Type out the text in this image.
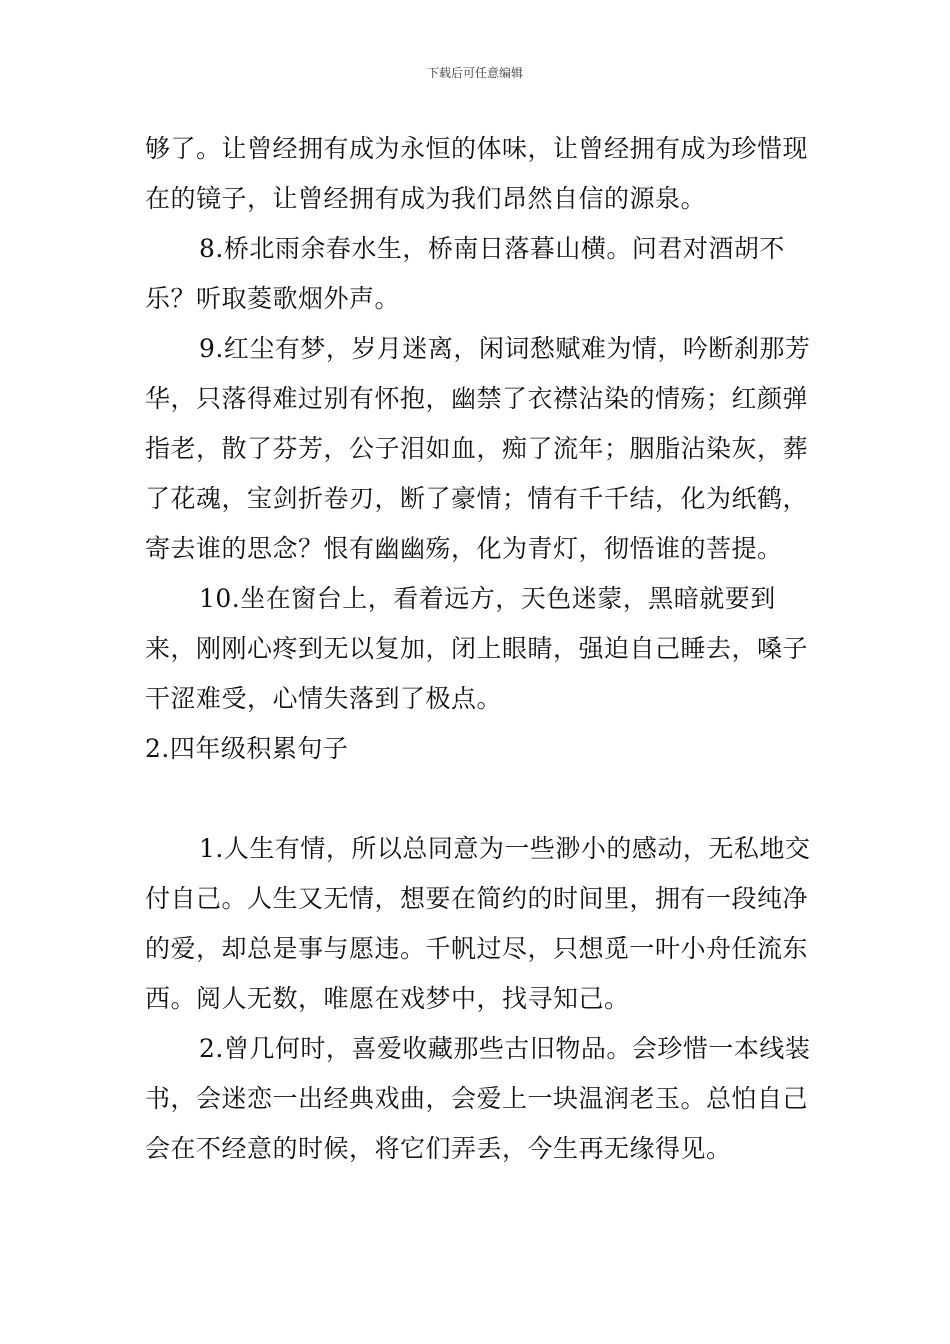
下载后可任意编辑

够了。让曾经拥有成为永恒的体味，让曾经拥有成为珍惜现在的镜子，让曾经拥有成为我们昂然自信的源泉。

8.桥北雨余春水生，桥南日落暮山横。问君对酒胡不乐？听取菱歌烟外声。

9.红尘有梦，岁月迷离，闲词愁赋难为情，吟断刹那芳华，只落得难过别有怀抱，幽禁了衣襟沾染的情殇；红颜弹指老，散了芬芳，公子泪如血，痴了流年；胭脂沾染灰，葬了花魂，宝剑折卷刃，断了豪情；情有千千结，化为纸鹤，寄去谁的思念？恨有幽幽殇，化为青灯，彻悟谁的菩提。

10.坐在窗台上，看着远方，天色迷蒙，黑暗就要到来，刚刚心疼到无以复加，闭上眼睛，强迫自己睡去，嗓子干涩难受，心情失落到了极点。

2.四年级积累句子

1.人生有情，所以总同意为一些渺小的感动，无私地交付自己。人生又无情，想要在简约的时间里，拥有一段纯净的爱，却总是事与愿违。千帆过尽，只想觅一叶小舟任流东西。阅人无数，唯愿在戏梦中，找寻知己。

2.曾几何时，喜爱收藏那些古旧物品。会珍惜一本线装书，会迷恋一出经典戏曲，会爱上一块温润老玉。总怕自己会在不经意的时候，将它们弄丢，今生再无缘得见。
